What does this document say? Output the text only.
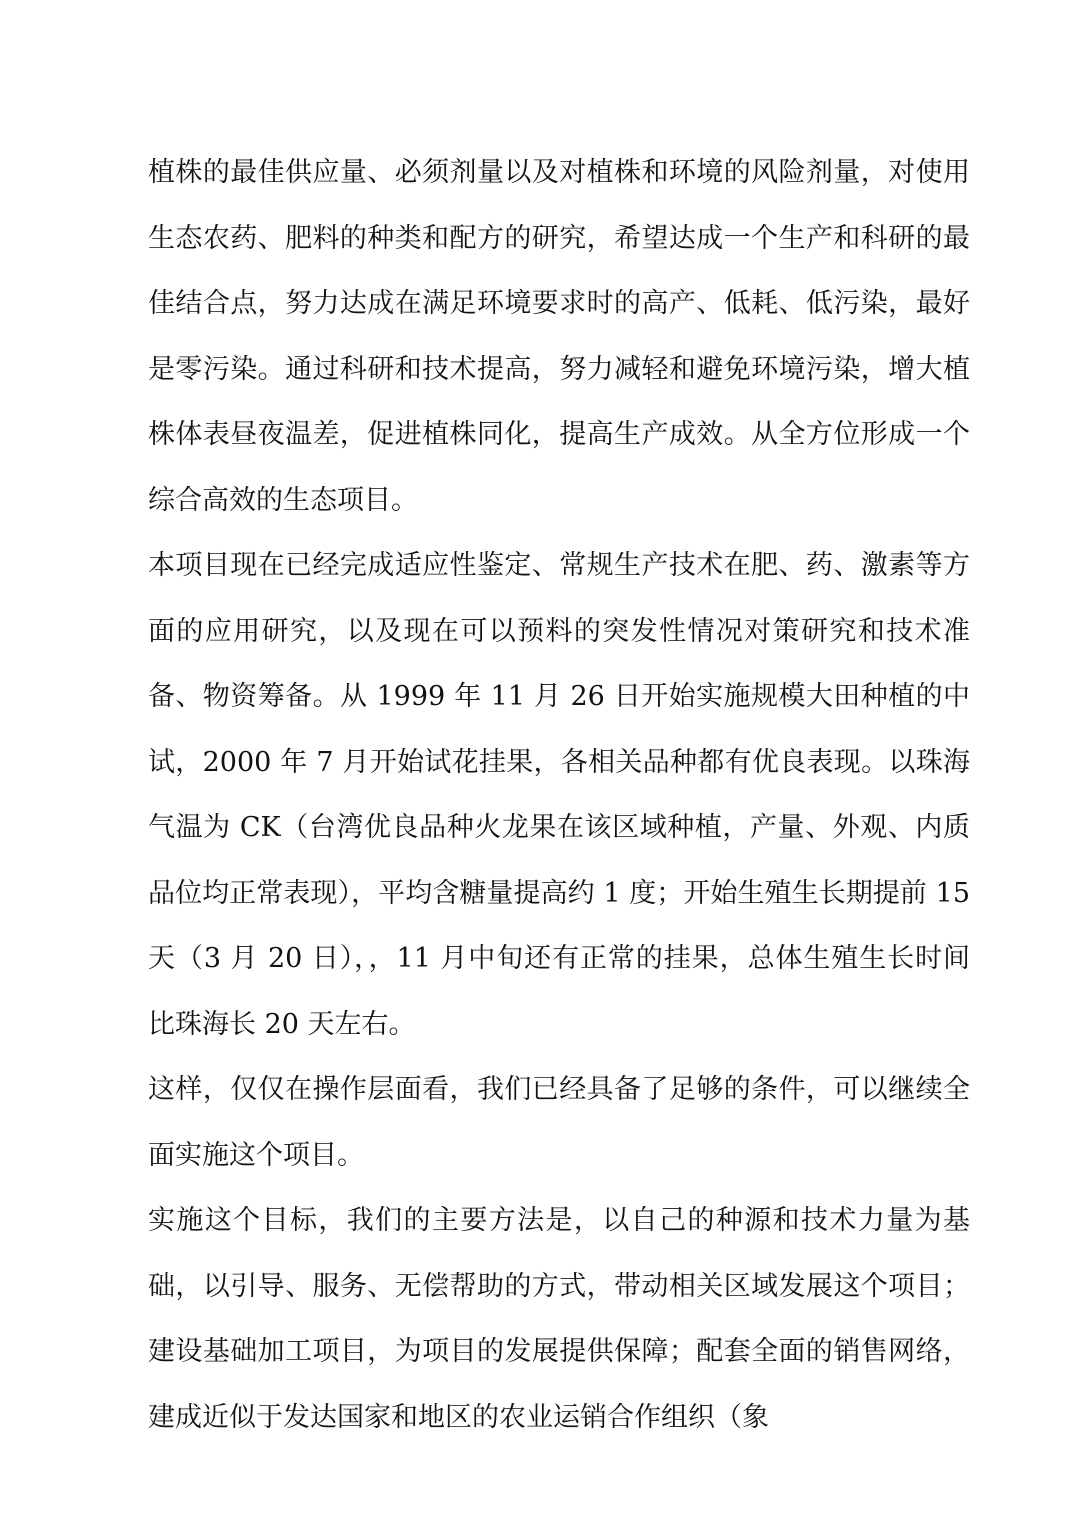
植株的最佳供应量、必须剂量以及对植株和环境的风险剂量，对使用生态农药、肥料的种类和配方的研究，希望达成一个生产和科研的最佳结合点，努力达成在满足环境要求时的高产、低耗、低污染，最好是零污染。通过科研和技术提高，努力减轻和避免环境污染，增大植株体表昼夜温差，促进植株同化，提高生产成效。从全方位形成一个综合高效的生态项目。

本项目现在已经完成适应性鉴定、常规生产技术在肥、药、激素等方面的应用研究，以及现在可以预料的突发性情况对策研究和技术准备、物资筹备。从 1999 年 11 月 26 日开始实施规模大田种植的中试，2000 年 7 月开始试花挂果，各相关品种都有优良表现。以珠海气温为 CK（台湾优良品种火龙果在该区域种植，产量、外观、内质品位均正常表现），平均含糖量提高约 1 度；开始生殖生长期提前 15 天（3 月 20 日），，11 月中旬还有正常的挂果，总体生殖生长时间比珠海长 20 天左右。

这样，仅仅在操作层面看，我们已经具备了足够的条件，可以继续全面实施这个项目。

实施这个目标，我们的主要方法是，以自己的种源和技术力量为基础，以引导、服务、无偿帮助的方式，带动相关区域发展这个项目；建设基础加工项目，为项目的发展提供保障；配套全面的销售网络，建成近似于发达国家和地区的农业运销合作组织（象
